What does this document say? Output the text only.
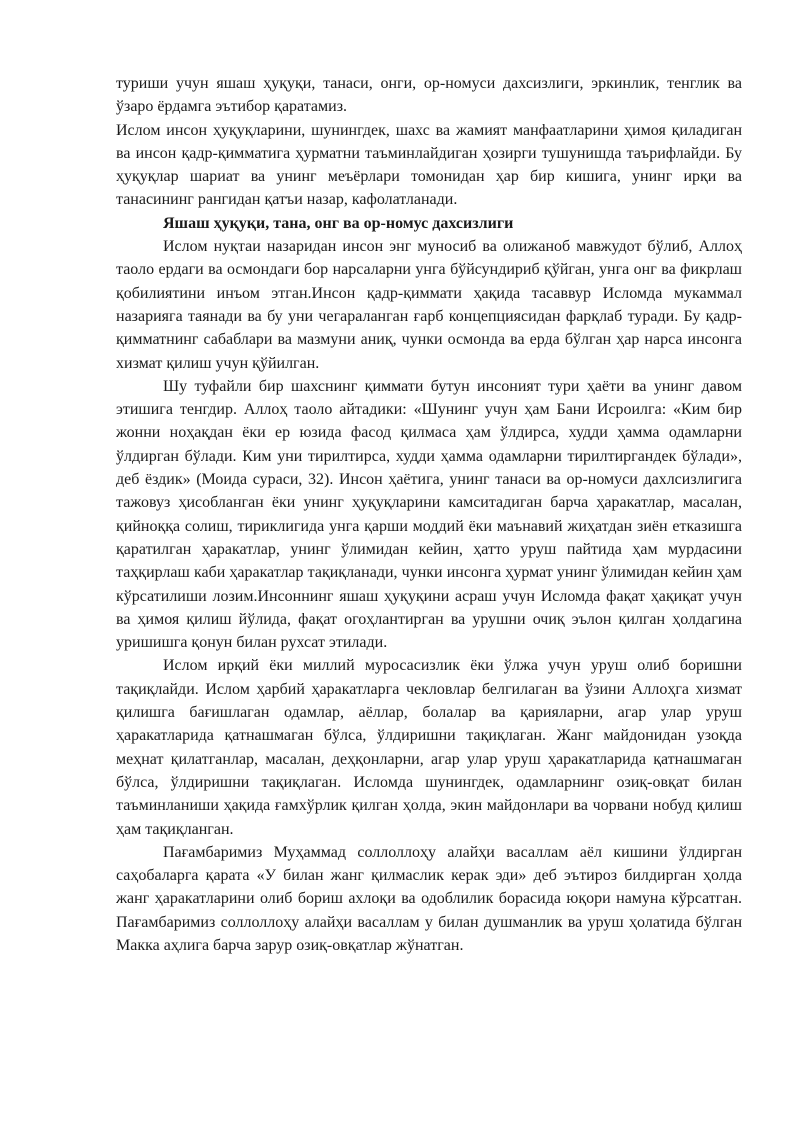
туриши учун яшаш ҳуқуқи, танаси, онги, ор-номуси дахсизлиги, эркинлик, тенглик ва ўзаро ёрдамга эътибор қаратамиз.

Ислом инсон ҳуқуқларини, шунингдек, шахс ва жамият манфаатларини ҳимоя қиладиган ва инсон қадр-қимматига ҳурматни таъминлайдиган ҳозирги тушунишда таърифлайди. Бу ҳуқуқлар шариат ва унинг меъёрлари томонидан ҳар бир кишига, унинг ирқи ва танасининг рангидан қатъи назар, кафолатланади.

Яшаш ҳуқуқи, тана, онг ва ор-номус дахсизлиги

Ислом нуқтаи назаридан инсон энг муносиб ва олижаноб мавжудот бўлиб, Аллоҳ таоло ердаги ва осмондаги бор нарсаларни унга бўйсундириб қўйган, унга онг ва фикрлаш қобилиятини инъом этган.Инсон қадр-қиммати ҳақида тасаввур Исломда мукаммал назарияга таянади ва бу уни чегараланган ғарб концепциясидан фарқлаб туради. Бу қадр-қимматнинг сабаблари ва мазмуни аниқ, чунки осмонда ва ерда бўлган ҳар нарса инсонга хизмат қилиш учун қўйилган.

Шу туфайли бир шахснинг қиммати бутун инсоният тури ҳаёти ва унинг давом этишига тенгдир. Аллоҳ таоло айтадики: «Шунинг учун ҳам Бани Исроилга: «Ким бир жонни ноҳақдан ёки ер юзида фасод қилмаса ҳам ўлдирса, худди ҳамма одамларни ўлдирган бўлади. Ким уни тирилтирса, худди ҳамма одамларни тирилтиргандек бўлади», деб ёздик» (Моида сураси, 32). Инсон ҳаётига, унинг танаси ва ор-номуси дахлсизлигига тажовуз ҳисобланган ёки унинг ҳуқуқларини камситадиган барча ҳаракатлар, масалан, қийноққа солиш, тириклигида унга қарши моддий ёки маънавий жиҳатдан зиён етказишга қаратилган ҳаракатлар, унинг ўлимидан кейин, ҳатто уруш пайтида ҳам мурдасини таҳқирлаш каби ҳаракатлар тақиқланади, чунки инсонга ҳурмат унинг ўлимидан кейин ҳам кўрсатилиши лозим.Инсоннинг яшаш ҳуқуқини асраш учун Исломда фақат ҳақиқат учун ва ҳимоя қилиш йўлида, фақат огоҳлантирган ва урушни очиқ эълон қилган ҳолдагина уришишга қонун билан рухсат этилади.

Ислом ирқий ёки миллий муросасизлик ёки ўлжа учун уруш олиб боришни тақиқлайди. Ислом ҳарбий ҳаракатларга чекловлар белгилаган ва ўзини Аллоҳга хизмат қилишга бағишлаган одамлар, аёллар, болалар ва қарияларни, агар улар уруш ҳаракатларида қатнашмаган бўлса, ўлдиришни тақиқлаган. Жанг майдонидан узоқда меҳнат қилатганлар, масалан, деҳқонларни, агар улар уруш ҳаракатларида қатнашмаган бўлса, ўлдиришни тақиқлаган. Исломда шунингдек, одамларнинг озиқ-овқат билан таъминланиши ҳақида ғамхўрлик қилган ҳолда, экин майдонлари ва чорвани нобуд қилиш ҳам тақиқланган.

Пағамбаримиз Муҳаммад соллоллоҳу алайҳи васаллам аёл кишини ўлдирган саҳобаларга қарата «У билан жанг қилмаслик керак эди» деб эътироз билдирган ҳолда жанг ҳаракатларини олиб бориш ахлоқи ва одоблилик борасида юқори намуна кўрсатган. Пағамбаримиз соллоллоҳу алайҳи васаллам у билан душманлик ва уруш ҳолатида бўлган Макка аҳлига барча зарур озиқ-овқатлар жўнатган.
